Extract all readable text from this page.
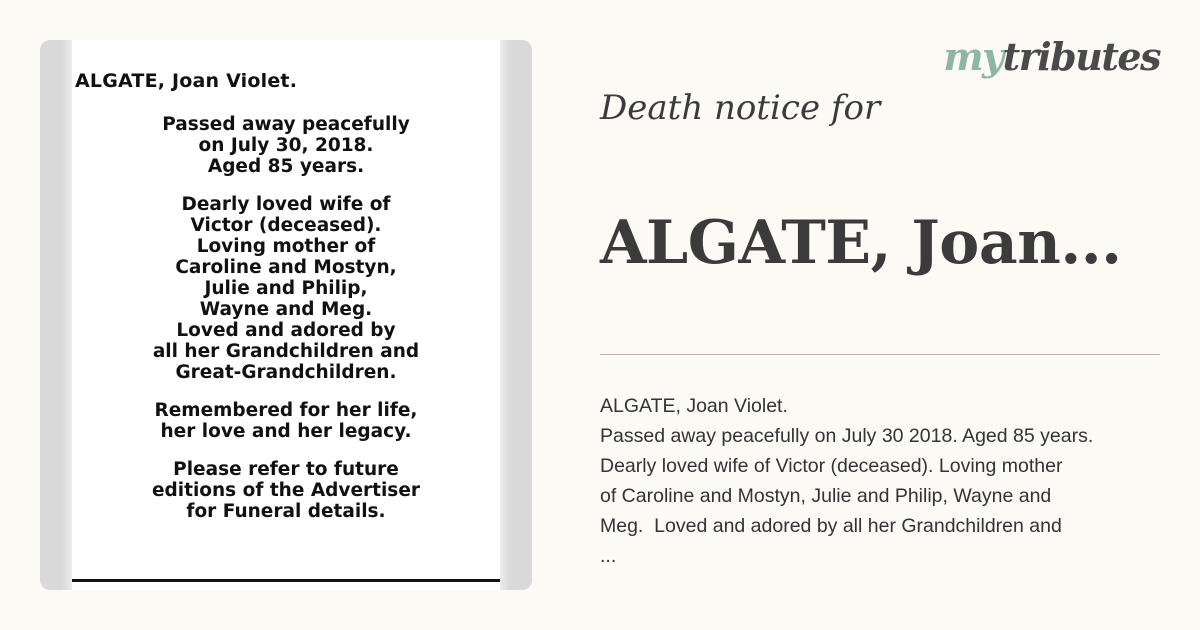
ALGATE, Joan Violet.
Passed away peacefully
on July 30, 2018.
Aged 85 years.
Dearly loved wife of
Victor (deceased).
Loving mother of
Caroline and Mostyn,
Julie and Philip,
Wayne and Meg.
Loved and adored by
all her Grandchildren and
Great-Grandchildren.
Remembered for her life,
her love and her legacy.
Please refer to future
editions of the Advertiser
for Funeral details.
mytributes
Death notice for
ALGATE, Joan...
ALGATE, Joan Violet.
Passed away peacefully on July 30 2018. Aged 85 years.
Dearly loved wife of Victor (deceased). Loving mother
of Caroline and Mostyn, Julie and Philip, Wayne and
Meg.  Loved and adored by all her Grandchildren and
...
